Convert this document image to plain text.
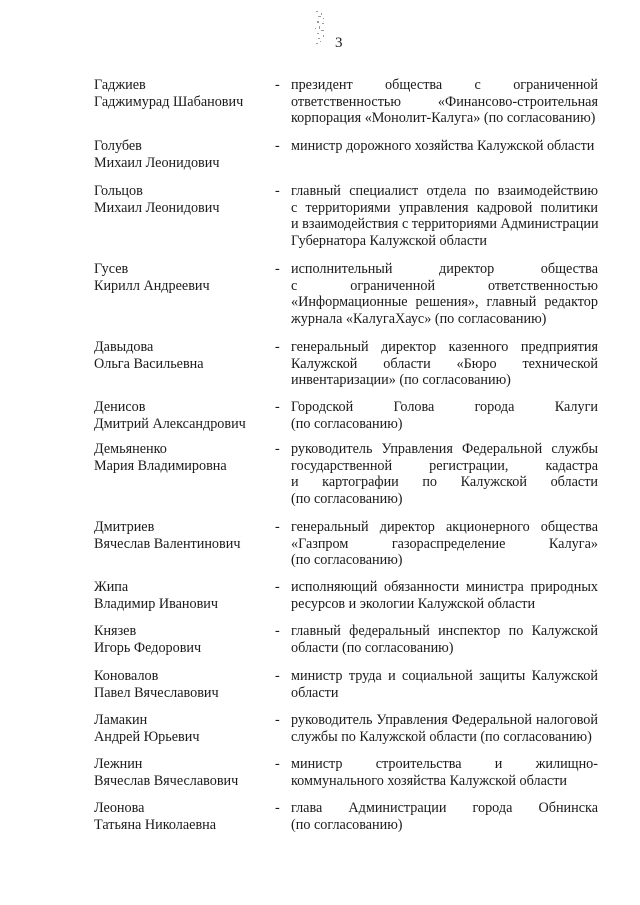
3
Гаджиев
Гаджимурад Шабанович
- президент общества с ограниченной
ответственностью «Финансово-строительная
корпорация «Монолит-Калуга» (по согласованию)
Голубев
Михаил Леонидович
- министр дорожного хозяйства Калужской области
Гольцов
Михаил Леонидович
- главный специалист отдела по взаимодействию
с территориями управления кадровой политики
и взаимодействия с территориями Администрации
Губернатора Калужской области
Гусев
Кирилл Андреевич
- исполнительный директор общества
с ограниченной ответственностью
«Информационные решения», главный редактор
журнала «КалугаХаус» (по согласованию)
Давыдова
Ольга Васильевна
- генеральный директор казенного предприятия
Калужской области «Бюро технической
инвентаризации» (по согласованию)
Денисов
Дмитрий Александрович
- Городской Голова города Калуги
(по согласованию)
Демьяненко
Мария Владимировна
- руководитель Управления Федеральной службы
государственной регистрации, кадастра
и картографии по Калужской области
(по согласованию)
Дмитриев
Вячеслав Валентинович
- генеральный директор акционерного общества
«Газпром газораспределение Калуга»
(по согласованию)
Жипа
Владимир Иванович
- исполняющий обязанности министра природных
ресурсов и экологии Калужской области
Князев
Игорь Федорович
- главный федеральный инспектор по Калужской
области (по согласованию)
Коновалов
Павел Вячеславович
- министр труда и социальной защиты Калужской
области
Ламакин
Андрей Юрьевич
- руководитель Управления Федеральной налоговой
службы по Калужской области (по согласованию)
Лежнин
Вячеслав Вячеславович
- министр строительства и жилищно-
коммунального хозяйства Калужской области
Леонова
Татьяна Николаевна
- глава Администрации города Обнинска
(по согласованию)
